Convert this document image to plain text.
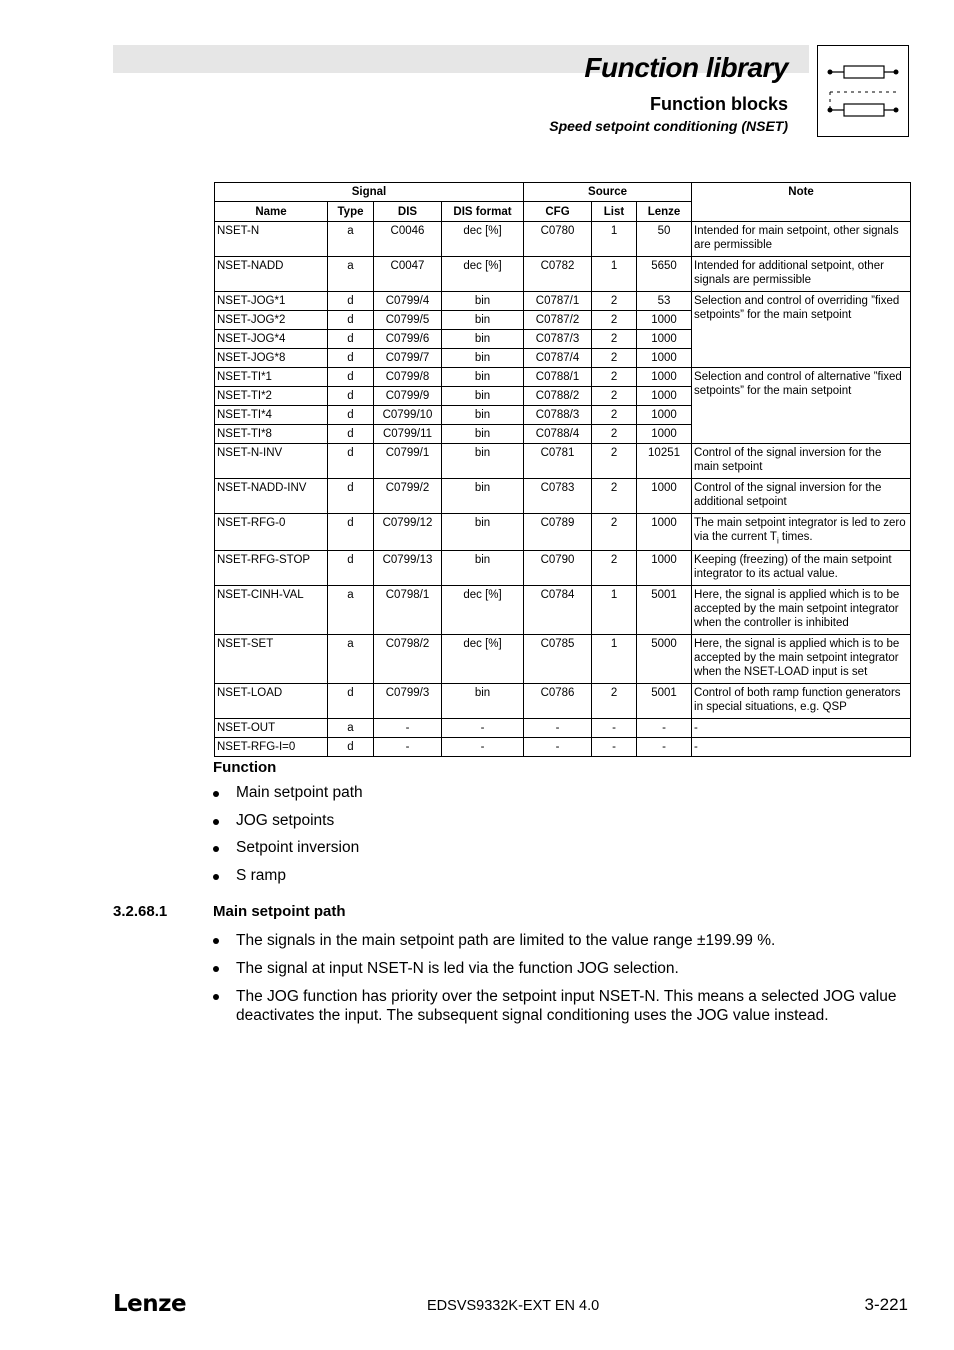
Function library
Function blocks
Speed setpoint conditioning (NSET)
Signal				Source			Note
Name	Type	DIS	DIS format	CFG	List	Lenze	
NSET-N	a	C0046	dec [%]	C0780	1	50	Intended for main setpoint, other signals are permissible
NSET-NADD	a	C0047	dec [%]	C0782	1	5650	Intended for additional setpoint, other signals are permissible
NSET-JOG*1	d	C0799/4	bin	C0787/1	2	53	Selection and control of overriding ”fixed setpoints” for the main setpoint
NSET-JOG*2	d	C0799/5	bin	C0787/2	2	1000	
NSET-JOG*4	d	C0799/6	bin	C0787/3	2	1000	
NSET-JOG*8	d	C0799/7	bin	C0787/4	2	1000	
NSET-TI*1	d	C0799/8	bin	C0788/1	2	1000	Selection and control of alternative ”fixed setpoints” for the main setpoint
NSET-TI*2	d	C0799/9	bin	C0788/2	2	1000	
NSET-TI*4	d	C0799/10	bin	C0788/3	2	1000	
NSET-TI*8	d	C0799/11	bin	C0788/4	2	1000	
NSET-N-INV	d	C0799/1	bin	C0781	2	10251	Control of the signal inversion for the main setpoint
NSET-NADD-INV	d	C0799/2	bin	C0783	2	1000	Control of the signal inversion for the additional setpoint
NSET-RFG-0	d	C0799/12	bin	C0789	2	1000	The main setpoint integrator is led to zero via the current $T_i$ times.
NSET-RFG-STOP	d	C0799/13	bin	C0790	2	1000	Keeping (freezing) of the main setpoint integrator to its actual value.
NSET-CINH-VAL	a	C0798/1	dec [%]	C0784	1	5001	Here, the signal is applied which is to be accepted by the main setpoint integrator when the controller is inhibited
NSET-SET	a	C0798/2	dec [%]	C0785	1	5000	Here, the signal is applied which is to be accepted by the main setpoint integrator when the NSET-LOAD input is set
NSET-LOAD	d	C0799/3	bin	C0786	2	5001	Control of both ramp function generators in special situations, e.g. QSP
NSET-OUT	a	-	-	-	-	-	-
NSET-RFG-I=0	d	-	-	-	-	-	-
Function
Main setpoint path
JOG setpoints
Setpoint inversion
S ramp
3.2.68.1	Main setpoint path
The signals in the main setpoint path are limited to the value range ±199.99 %.
The signal at input NSET-N is led via the function JOG selection.
The JOG function has priority over the setpoint input NSET-N. This means a selected JOG value deactivates the input. The subsequent signal conditioning uses the JOG value instead.
Lenze	EDSVS9332K-EXT EN 4.0	3-221
